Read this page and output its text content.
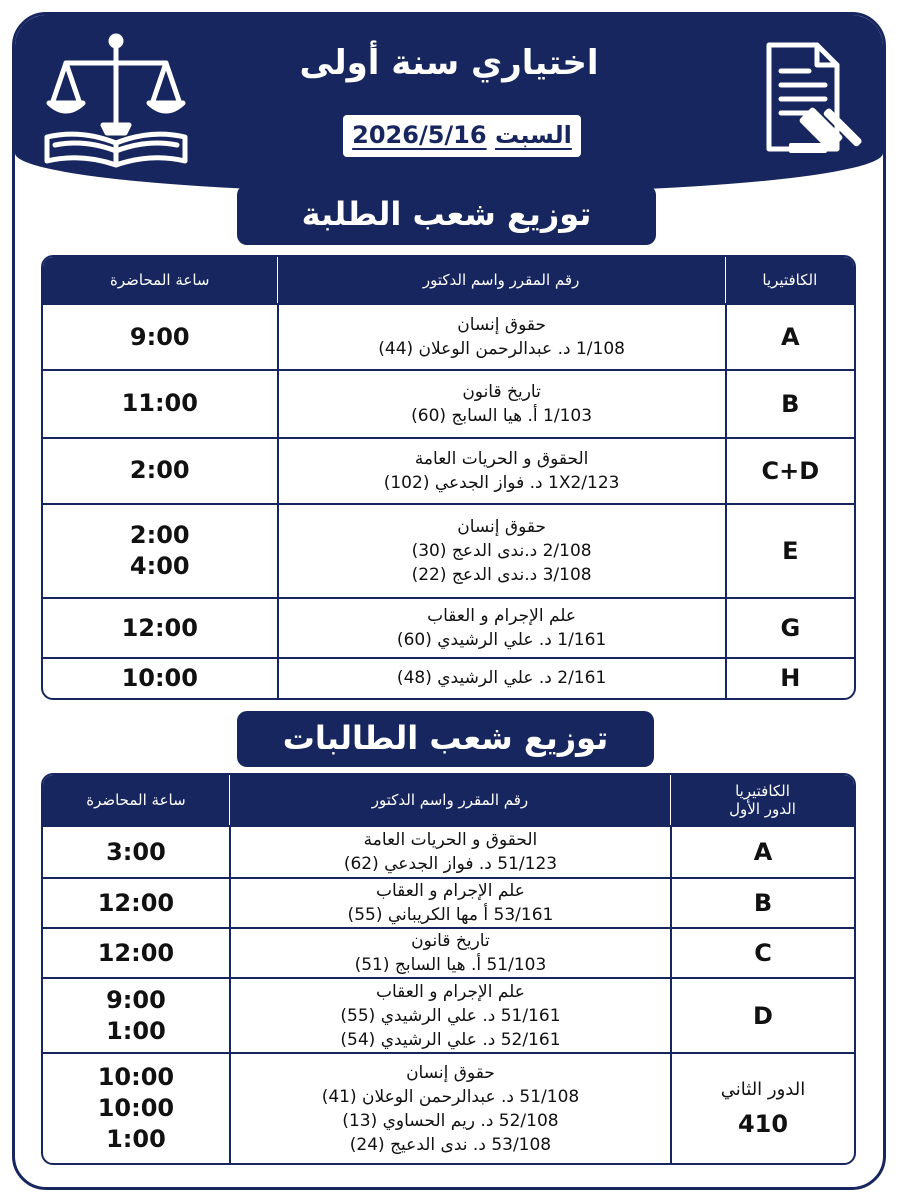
اختياري سنة أولى
السبت 2026/5/16
توزيع شعب الطلبة
الكافتيريا	رقم المقرر واسم الدكتور	ساعة المحاضرة

A	حقوق إنسان
1/108 د. عبدالرحمن الوعلان (44)	9:00

B	تاريخ قانون
1/103 أ. هيا السابج (60)	11:00

C+D	الحقوق و الحريات العامة
1X2/123 د. فواز الجدعي (102)	2:00

E	حقوق إنسان
2/108 د.ندى الدعج (30)
3/108 د.ندى الدعج (22)	2:00
4:00

G	علم الإجرام و العقاب
1/161 د. علي الرشيدي (60)	12:00

H	2/161 د. علي الرشيدي (48)	10:00
توزيع شعب الطالبات
الكافتيريا
الدور الأول	رقم المقرر واسم الدكتور	ساعة المحاضرة

A	الحقوق و الحريات العامة
51/123 د. فواز الجدعي (62)	3:00

B	علم الإجرام و العقاب
53/161 أ مها الكريباني (55)	12:00

C	تاريخ قانون
51/103 أ. هيا السابج (51)	12:00

D	علم الإجرام و العقاب
51/161 د. علي الرشيدي (55)
52/161 د. علي الرشيدي (54)	9:00
1:00

الدور الثاني
410	حقوق إنسان
51/108 د. عبدالرحمن الوعلان (41)
52/108 د. ريم الحساوي (13)
53/108 د. ندى الدعيج (24)	10:00
10:00
1:00
